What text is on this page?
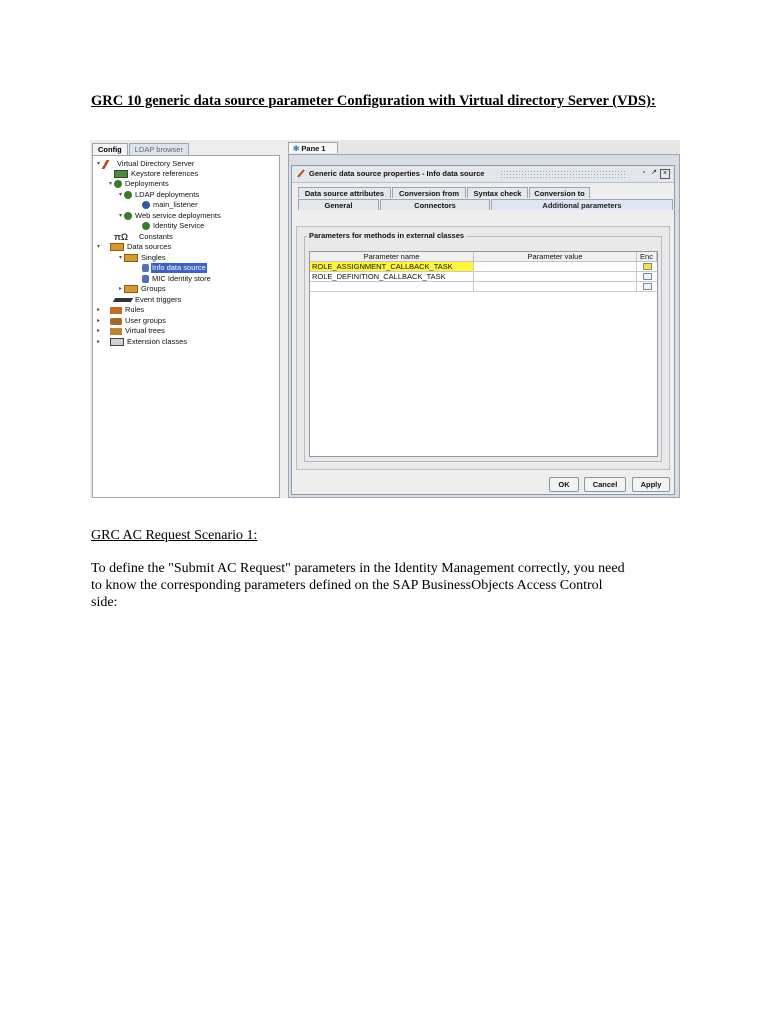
GRC 10 generic data source parameter Configuration with Virtual directory Server (VDS):
Config	LDAP browser
▾ Virtual Directory Server
Keystore references
▾ Deployments
▾ LDAP deployments
main_listener
▾ Web service deployments
Identity Service
πΩ	Constants
▾	Data sources
▾	Singles
Info data source
MIC Identity store
▸	Groups
Event triggers
▸	Rules
▸	User groups
▸	Virtual trees
▸	Extension classes
✻ Pane 1
Generic data source properties - Info data source	▫ ↗ ×
Data source attributes	Conversion from	Syntax check	Conversion to
General	Connectors	Additional parameters
Parameter name	Parameter value	Enc
ROLE_ASSIGNMENT_CALLBACK_TASK
ROLE_DEFINITION_CALLBACK_TASK
Parameters for methods in external classes
OK	Cancel	Apply
GRC AC Request Scenario 1:
To define the "Submit AC Request" parameters in the Identity Management correctly, you need
to know the corresponding parameters defined on the SAP BusinessObjects Access Control
side:
